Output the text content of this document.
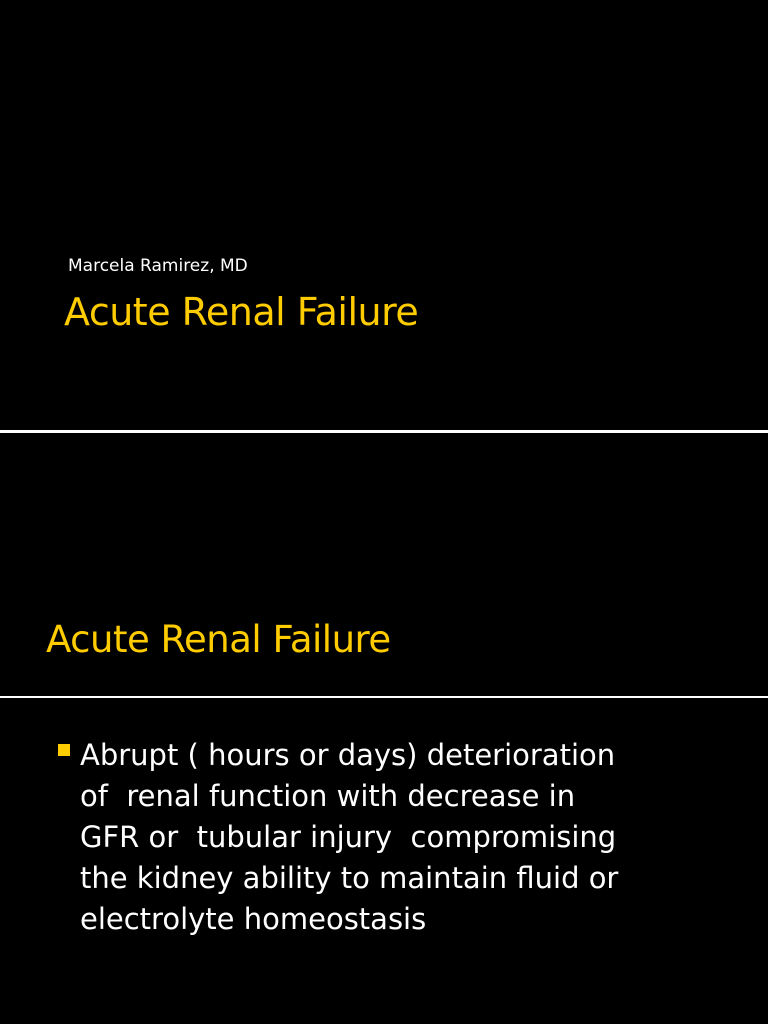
Marcela Ramirez, MD
Acute Renal Failure
Acute Renal Failure
Abrupt ( hours or days) deterioration
of  renal function with decrease in
GFR or  tubular injury  compromising
the kidney ability to maintain fluid or
electrolyte homeostasis
